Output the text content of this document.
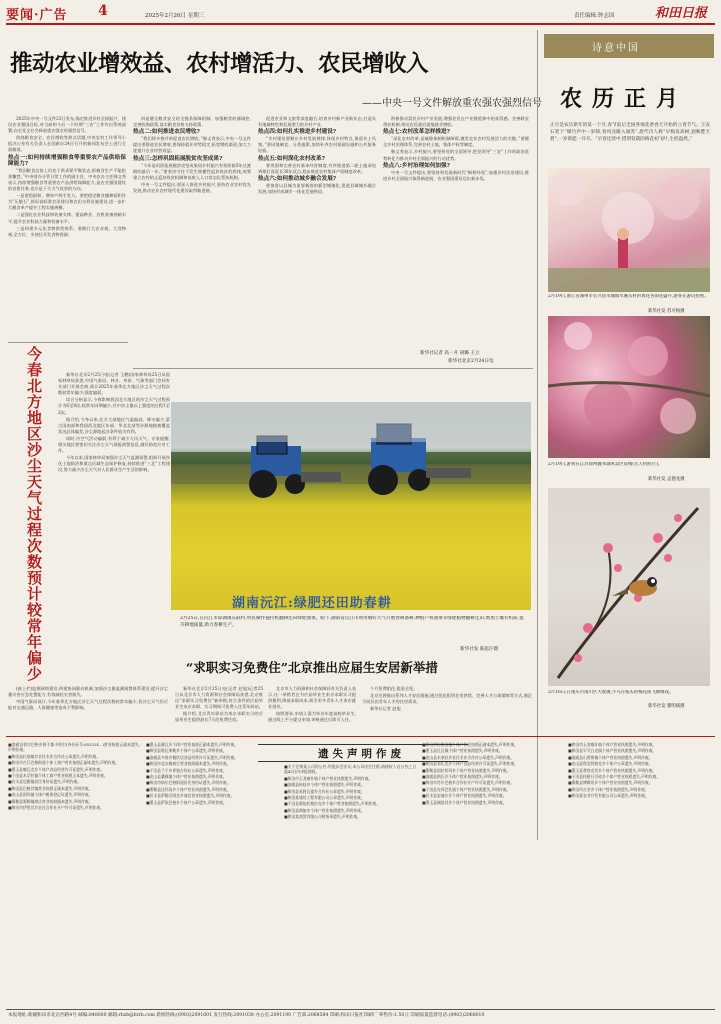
要闻·广告 4	2025年2月26日 星期三	责任编辑:钟志国	和田日报
推动农业增效益、农村增活力、农民增收入
——中央一号文件解放重农强农强烈信号

2025年中央一号文件23日发布,锚定推进乡村全面振兴、建设农业强国目标,对当前和今后一个时期“三农”工作作出系统部署,向全党全社会释放重农强农的强烈信号。

围绕粮食安全、农民增收等热点话题,中央农村工作领导小组办公室有关负责人在国新办24日召开的新闻发布会上进行全面解读。

热点一:如何持续增强粮食等重要农产品供给保障能力?

“我国粮食总体上仍处于供求紧平衡状态,抓粮食生产不能松劲懈怠。”中央财办分管日常工作的副主任、中央农办主任韩文秀表示,持续增强粮食等重要农产品供给保障能力,是农业强国建设的首要任务,也应是下大力气攻坚的方向。

一是要稳面积、增单产两手发力。要把稳定粮食播种面积作为“压舱石”,抓好高标准农田建设和农田水利设施建设,进一步扩大粮食单产提升工程实施规模。

二是强化农业科技和装备支撑。提高种业、农机装备创新水平,提升农业科技力量和装备水平。

三是构建多元化食物供给体系。要践行大农业观、大食物观,全方位、多途径开发食物资源。

四是健全粮食安全的全链条保障机制。加强粮食收储调控,完善收购政策,落实粮食价格支持政策。

热点二:如何推进农民增收?

“我们将多措并举促进农民增收。”韩文秀表示,中央一号文件提出要推进农民增收,要保持就业形势稳定,拓宽增收渠道,加大力度提升农业经营效益。

热点三:怎样巩固拓展脱贫攻坚成果?

“今年是巩固拓展脱贫攻坚成果同乡村振兴有效衔接5年过渡期的最后一年。”要坚决守住不发生规模性返贫致贫的底线,统筹建立农村防止返贫致贫机制和低收入人口常态化帮扶机制。

中央一号文件提出,要深入推进乡村振兴,坚持农业农村优先发展,推动农业农村现代化建设取得新进展。

促进农业和文旅等深度融合,培育乡村新产业新业态,打造具有地域特色和发展潜力的乡村产业。

热点四:如何扎实推进乡村建设?

“乡村建设要顺应乡村发展规律,体现乡村特点,保留乡土风貌。”要因地制宜、分类施策,加快补齐农村基础设施和公共服务短板。

热点五:如何深化农村改革?

要巩固和完善农村基本经营制度,有序推进第二轮土地承包到期后再延长30年试点,稳步推进农村集体产权制度改革。

热点六:如何推动城乡融合发展?

要推进以县城为重要载体的新型城镇化,促进县域城乡融合发展,加快形成城乡一体化发展格局。

积极推动富民乡村产业发展,增强农民在产业链延伸中的获得感。完善联农带农机制,带动农民就近就地就业增收。

热点七:农村改革怎样推进?

“深化农村改革,是破除体制机制障碍,激发农业农村发展活力的关键。”要健全乡村治理体系,完善农村土地、集体产权等制度。

韩文秀表示,乡村振兴,要坚持党的全面领导,把党领导“三农”工作的政治优势转化为推动乡村全面振兴的行动优势。

热点八:乡村治理如何加强?

中央一号文件提出,要坚持和发展新时代“枫桥经验”,加强乡村法治建设,推进乡村全面振兴取得新进展、农业强国建设迈出新步伐。

新华社记者 高一开 胡璐 王立
新华社北京2月24日电
今春北方地区沙尘天气过程次数预计较常年偏少	新华社北京2月25日电(记者 王鹏)国家林草局25日从国家林草局获悉,中国气象局、林业、草原、气象等部门会同有关部门开展会商,预计2025年春季北方地区沙尘天气过程次数较常年偏少,强度偏弱。

综合分析显示,今春影响我国北方地区的沙尘天气过程预计为6至8次,较常年同期偏少,其中沙尘暴以上强度的过程1至2次。

据介绍,今冬以来,北方大部地区气温偏高、降水偏少,蒙古国南部和我国西北地区东部、华北北部等沙源地植被覆盖状况总体偏差,沙尘源地起沙条件较为有利。

同时,冷空气活动偏弱,有利于减少大风天气。专家提醒,相关地区要密切关注沙尘天气预报预警信息,做好防范应对工作。

今年以来,国家林草局加强沙尘天气监测预警,组织开展沙化土地防治和重点区域生态保护修复,持续推进“三北”工程建设,努力减少沙尘天气对人民群众生产生活的影响。

湖南沅江:绿肥还田助春耕
2月25日,在沅江市琼湖镇东联村,村民操作拖拉机翻耕还田绿肥油菜。眼下,湖南省沅江市利用晴好天气开展春耕备耕,种植户将油菜等绿肥植物翻耕还田,增加土壤有机质,提升耕地质量,助力春耕生产。
新华社发 陈思汗摄
“求职实习免费住”北京推出应届生安居新举措

(接上栏)监测网络建设,构建协同联动机制,加强沙尘暴监测预警体系建设,提升沙尘暴灾害应急处置能力,有效减轻灾害损失。

中国气象局预计,今年春季北方地区沙尘天气过程次数较常年偏少,但沙尘天气仍可能对交通运输、人体健康等造成不利影响。

新华社北京2月25日电(记者 赵旭)记者25日从北京市人力资源和社会保障局获悉,北京推出“求职实习免费住”新举措,符合条件的应届毕业生来京求职、实习期间可免费入住青年驿站。

据介绍,北京青年驿站为来京求职实习的应届毕业生提供最长7天的免费住宿。

北京市人力资源和社会保障局有关负责人表示,这一举措旨在为应届毕业生来京求职实习提供便利,降低求职成本,吸引更多青年人才来京就业创业。

按照要求,申请人需为毕业年度高校毕业生,通过线上平台提交申请,审核通过后即可入住。

个月免费租住,租金全免。

北京还将推出系列人才安居措施,通过优化租赁住房供给、完善人才公寓保障等方式,满足不同层次青年人才的住房需求。

新华社记者 赵旭

诗意中国
农历正月
正月是农历新年的第一个月,春节前后全国各地花香春天开始的立春节气。王安石笔下“爆竹声中一岁除,春风送暖入屠苏”,唐代诗人称“早梅发高树,迥映楚天碧”,一岁新愿一开开。“早春还寒中,惜别钗就的梅花初飞叶,生机盎然。”
2月19日,浙江省湖州市长兴县吊城镇水溪头村的黄花杏雨花盛开,游客在游玩拍照。
新华社发 苏可杨摄
2月19日,游客在江苏徐州魏书湖风景区赏梅(无人机照片)。
新华社发 孟德龙摄
2月16日,在重庆市南川区大观镇,小鸟在枝头的梅花间飞舞嬉戏。
新华社发 瞿明斌摄
遗失声明作废

■洛浦县恰尔巴格乡阿不都卡哈尔(身份证号:653224...)营业执照正副本遗失,声明作废。

■和田县拉依喀乡农民专业合作社公章遗失,声明作废。

■和田市古江巴格街道个体工商户营业执照正副本遗失,声明作废。

■墨玉县喀瓦克乡个体户食品经营许可证遗失,声明作废。

■于田县木尕拉镇个体工商户营业执照正本遗失,声明作废。

■民丰县尼雅镇居民身份证遗失,声明作废。

■和田县巴格其镇营业执照正副本遗失,声明作废。

■皮山县固玛镇个体户税务登记证遗失,声明作废。

■策勒县策勒镇商店营业执照副本遗失,声明作废。

■和田市伊里其乡农民合作社开户许可证遗失,声明作废。

■墨玉县雅瓦乡个体户营业执照正副本遗失,声明作废。

■和田县塔瓦库勒乡个体户公章遗失,声明作废。

■洛浦县多鲁乡餐饮店食品经营许可证遗失,声明作废。

■和田市北京路商行营业执照副本遗失,声明作废。

■于田县兰干乡养殖合作社公章遗失,声明作废。

■皮山县桑株镇个体户营业执照遗失,声明作废。

■和田市纳尔巴格街道居民身份证遗失,声明作废。

■策勒县达玛沟乡个体户营业执照遗失,声明作废。

■民丰县萨勒吾则克乡商店营业执照遗失,声明作废。

■墨玉县萨依巴格乡个体户公章遗失,声明作废。

■关于注销某公司的公告:经股东会决议,本公司决定注销,请债权人自公告之日起45日内申报债权。

■和田市玉龙喀什镇个体户营业执照遗失,声明作废。

■洛浦县杭桂乡个体户营业执照遗失,声明作废。

■和田县英阿瓦提乡合作社公章遗失,声明作废。

■和田某建设工程有限公司公章遗失,声明作废。

■于田县奥依托格拉克乡个体户营业执照遗失,声明作废。

■和田县朗如乡个体户营业执照遗失,声明作废。

■和田某商贸有限公司财务章遗失,声明作废。

■和田市拉斯奎镇个体户营业执照正副本遗失,声明作废。

■墨玉县扎瓦镇个体户营业执照遗失,声明作废。

■皮山县木奎拉乡农民专业合作社公章遗失,声明作废。

■和田县布扎克乡个体户食品经营许可证遗失,声明作废。

■策勒县固拉哈玛乡个体户营业执照遗失,声明作废。

■洛浦县纳瓦乡个体户营业执照遗失,声明作废。

■和田市肖尔巴格乡合作社开户许可证遗失,声明作废。

■于田县先拜巴扎镇个体户营业执照遗失,声明作废。

■民丰县安迪尔乡个体户营业执照遗失,声明作废。

■墨玉县阔依其乡个体户营业执照遗失,声明作废。

■和田市玉龙喀什镇个体户营业执照遗失,声明作废。

■和田县罕艾日克镇个体户营业执照遗失,声明作废。

■洛浦县山普鲁镇个体户营业执照遗失,声明作废。

■皮山县科克铁热克乡个体户公章遗失,声明作废。

■墨玉县普恰克其乡个体户营业执照遗失,声明作废。

■于田县托格日尕孜乡个体户营业执照遗失,声明作废。

■策勒县博斯坦乡个体户营业执照遗失,声明作废。

■和田市吉亚乡个体户营业执照遗失,声明作废。

■和田某农业开发有限公司公章遗失,声明作废。

本报地址:新疆和田市北京西路4号 邮编:848000 邮箱:rbzb@htrb.com 新闻热线:(0903)2091001 发行热线:2091038 办公室:2091190 广告部:2068584 印刷:和田日报社印刷厂 零售价:1.50元 印刷质量监督电话:(0903)2068010
